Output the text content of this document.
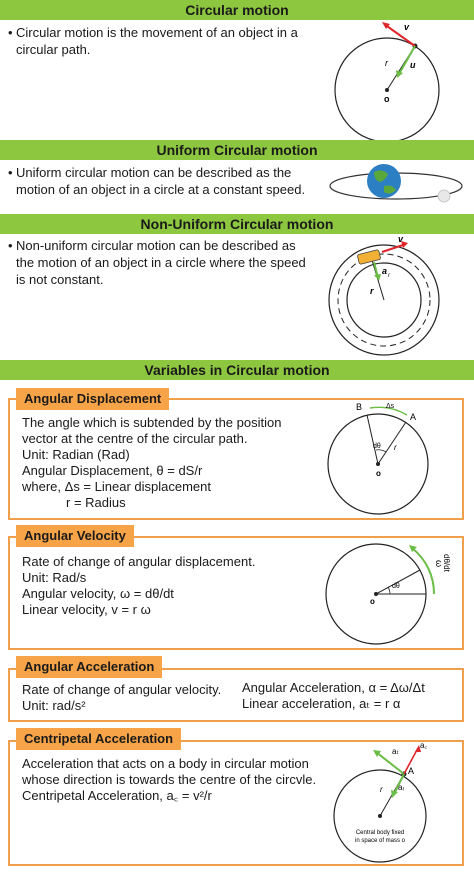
Circular motion
• Circular motion is the movement of an object in a
circular path.
v
r u
o
Uniform Circular motion
• Uniform circular motion can be described as the
motion of an object in a circle at a constant speed.
Non-Uniform Circular motion
• Non-uniform circular motion can be described as
the motion of an object in a circle where the speed
is not constant.
v
a r
r
Variables in Circular motion
Angular Displacement
The angle which is subtended by the position
vector at the centre of the circular path.
Unit: Radian (Rad)
Angular Displacement, θ = dS/r
where, Δs = Linear displacement
r = Radius
B
A
Δs
dθ r
o
Angular Velocity
Rate of change of angular displacement.
Unit: Rad/s
Angular velocity, ω = dθ/dt
Linear velocity, v = r ω
ω
dθ/dt
dθ
o
Angular Acceleration
Rate of change of angular velocity.
Unit: rad/s²
Angular Acceleration, α = Δω/Δt
Linear acceleration, aₜ = r α
Centripetal Acceleration
Acceleration that acts on a body in circular motion
whose direction is towards the centre of the circvle.
Centripetal Acceleration, a꜀ = v²/r
aₜ
a꜀
A
r aᵣ
Central body fixed
in space of mass o
